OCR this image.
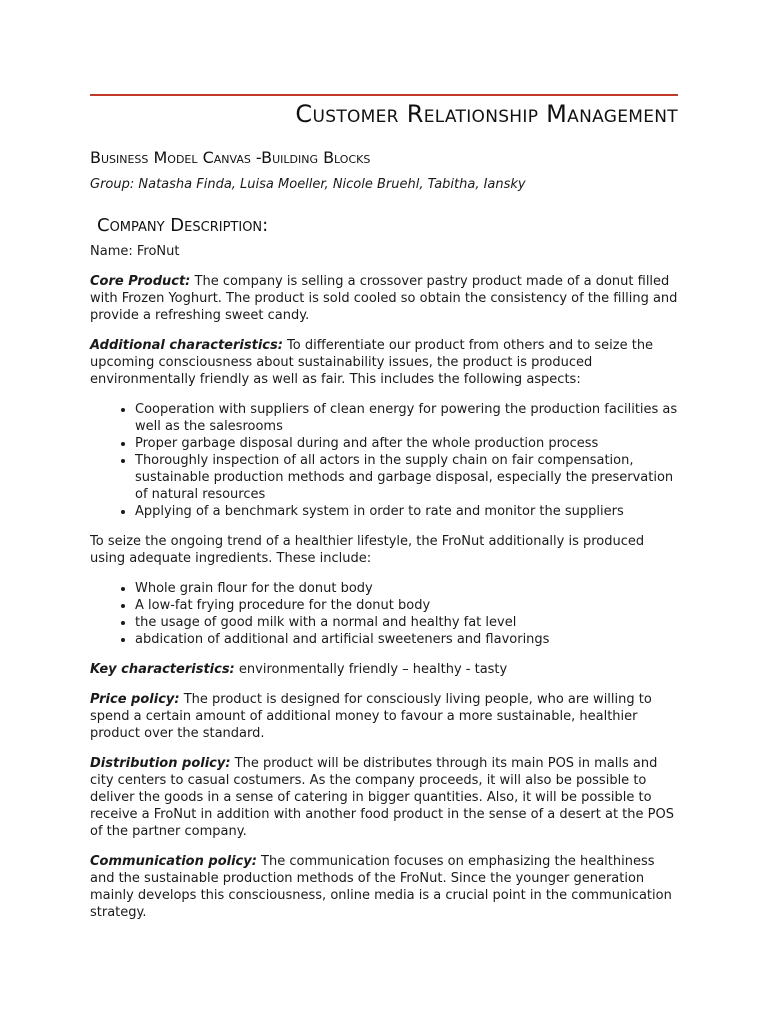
Customer Relationship Management
Business Model Canvas -Building Blocks

Group: Natasha Finda, Luisa Moeller, Nicole Bruehl, Tabitha, Iansky

Company Description:

Name: FroNut

Core Product: The company is selling a crossover pastry product made of a donut filled with Frozen Yoghurt. The product is sold cooled so obtain the consistency of the filling and provide a refreshing sweet candy.

Additional characteristics: To differentiate our product from others and to seize the upcoming consciousness about sustainability issues, the product is produced environmentally friendly as well as fair. This includes the following aspects:

• Cooperation with suppliers of clean energy for powering the production facilities as well as the salesrooms
• Proper garbage disposal during and after the whole production process
• Thoroughly inspection of all actors in the supply chain on fair compensation, sustainable production methods and garbage disposal, especially the preservation of natural resources
• Applying of a benchmark system in order to rate and monitor the suppliers

To seize the ongoing trend of a healthier lifestyle, the FroNut additionally is produced using adequate ingredients. These include:

• Whole grain flour for the donut body
• A low-fat frying procedure for the donut body
• the usage of good milk with a normal and healthy fat level
• abdication of additional and artificial sweeteners and flavorings

Key characteristics: environmentally friendly – healthy - tasty

Price policy: The product is designed for consciously living people, who are willing to spend a certain amount of additional money to favour a more sustainable, healthier product over the standard.

Distribution policy: The product will be distributes through its main POS in malls and city centers to casual costumers. As the company proceeds, it will also be possible to deliver the goods in a sense of catering in bigger quantities. Also, it will be possible to receive a FroNut in addition with another food product in the sense of a desert at the POS of the partner company.

Communication policy: The communication focuses on emphasizing the healthiness and the sustainable production methods of the FroNut. Since the younger generation mainly develops this consciousness, online media is a crucial point in the communication strategy.
